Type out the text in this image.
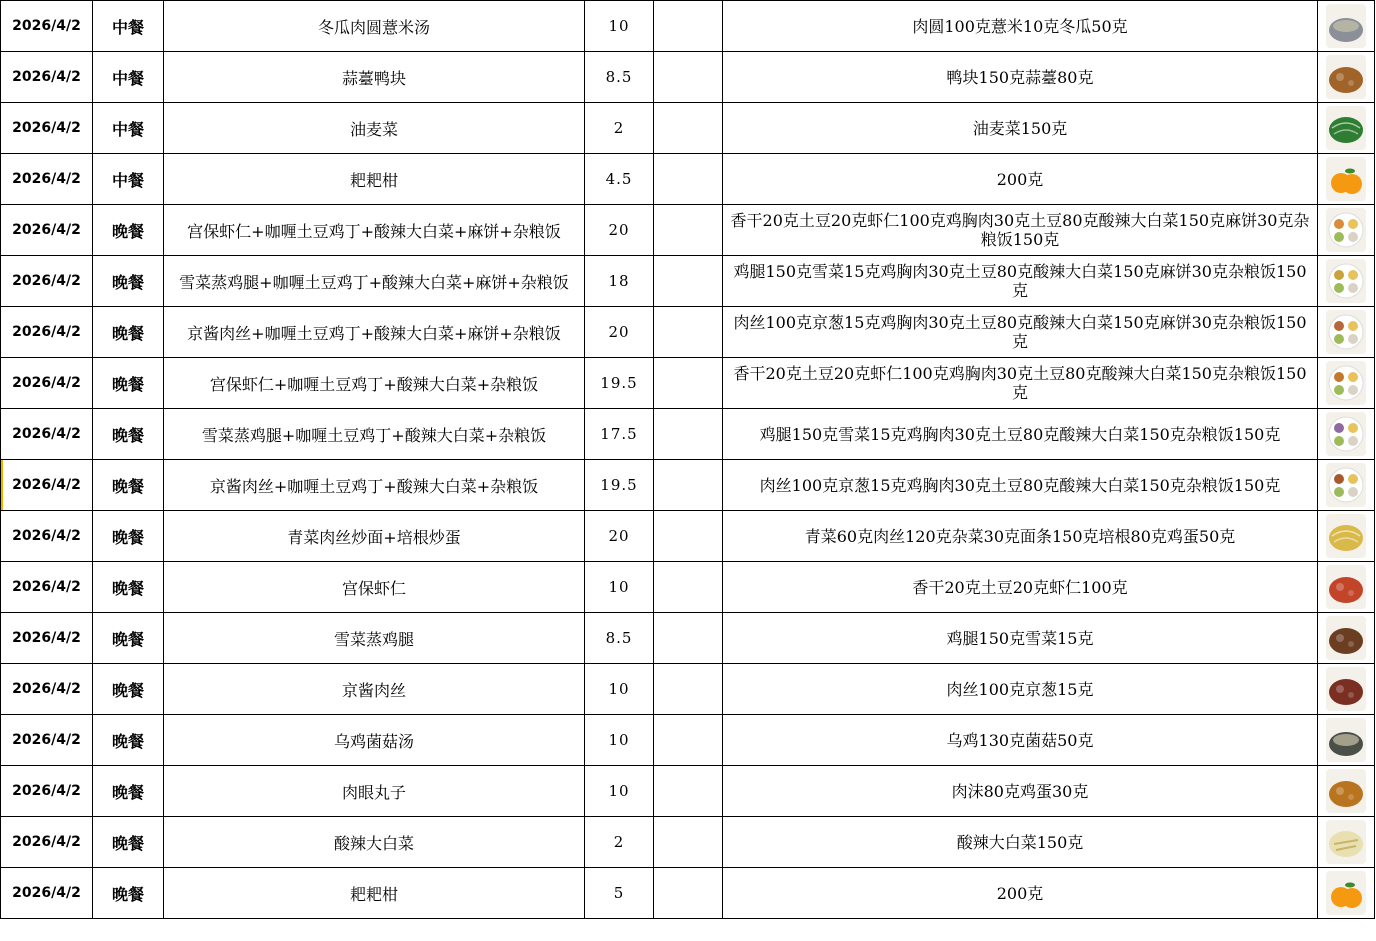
2026/4/2	中餐	冬瓜肉圆薏米汤	10		肉圆100克薏米10克冬瓜50克	

2026/4/2	中餐	蒜薹鸭块	8.5		鸭块150克蒜薹80克	

2026/4/2	中餐	油麦菜	2		油麦菜150克	

2026/4/2	中餐	耙耙柑	4.5		200克	

2026/4/2	晚餐	宫保虾仁+咖喱土豆鸡丁+酸辣大白菜+麻饼+杂粮饭	20		香干20克土豆20克虾仁100克鸡胸肉30克土豆80克酸辣大白菜150克麻饼30克杂粮饭150克	

2026/4/2	晚餐	雪菜蒸鸡腿+咖喱土豆鸡丁+酸辣大白菜+麻饼+杂粮饭	18		鸡腿150克雪菜15克鸡胸肉30克土豆80克酸辣大白菜150克麻饼30克杂粮饭150克	

2026/4/2	晚餐	京酱肉丝+咖喱土豆鸡丁+酸辣大白菜+麻饼+杂粮饭	20		肉丝100克京葱15克鸡胸肉30克土豆80克酸辣大白菜150克麻饼30克杂粮饭150克	

2026/4/2	晚餐	宫保虾仁+咖喱土豆鸡丁+酸辣大白菜+杂粮饭	19.5		香干20克土豆20克虾仁100克鸡胸肉30克土豆80克酸辣大白菜150克杂粮饭150克	

2026/4/2	晚餐	雪菜蒸鸡腿+咖喱土豆鸡丁+酸辣大白菜+杂粮饭	17.5		鸡腿150克雪菜15克鸡胸肉30克土豆80克酸辣大白菜150克杂粮饭150克	

2026/4/2	晚餐	京酱肉丝+咖喱土豆鸡丁+酸辣大白菜+杂粮饭	19.5		肉丝100克京葱15克鸡胸肉30克土豆80克酸辣大白菜150克杂粮饭150克	

2026/4/2	晚餐	青菜肉丝炒面+培根炒蛋	20		青菜60克肉丝120克杂菜30克面条150克培根80克鸡蛋50克	

2026/4/2	晚餐	宫保虾仁	10		香干20克土豆20克虾仁100克	

2026/4/2	晚餐	雪菜蒸鸡腿	8.5		鸡腿150克雪菜15克	

2026/4/2	晚餐	京酱肉丝	10		肉丝100克京葱15克	

2026/4/2	晚餐	乌鸡菌菇汤	10		乌鸡130克菌菇50克	

2026/4/2	晚餐	肉眼丸子	10		肉沫80克鸡蛋30克	

2026/4/2	晚餐	酸辣大白菜	2		酸辣大白菜150克	

2026/4/2	晚餐	耙耙柑	5		200克	
